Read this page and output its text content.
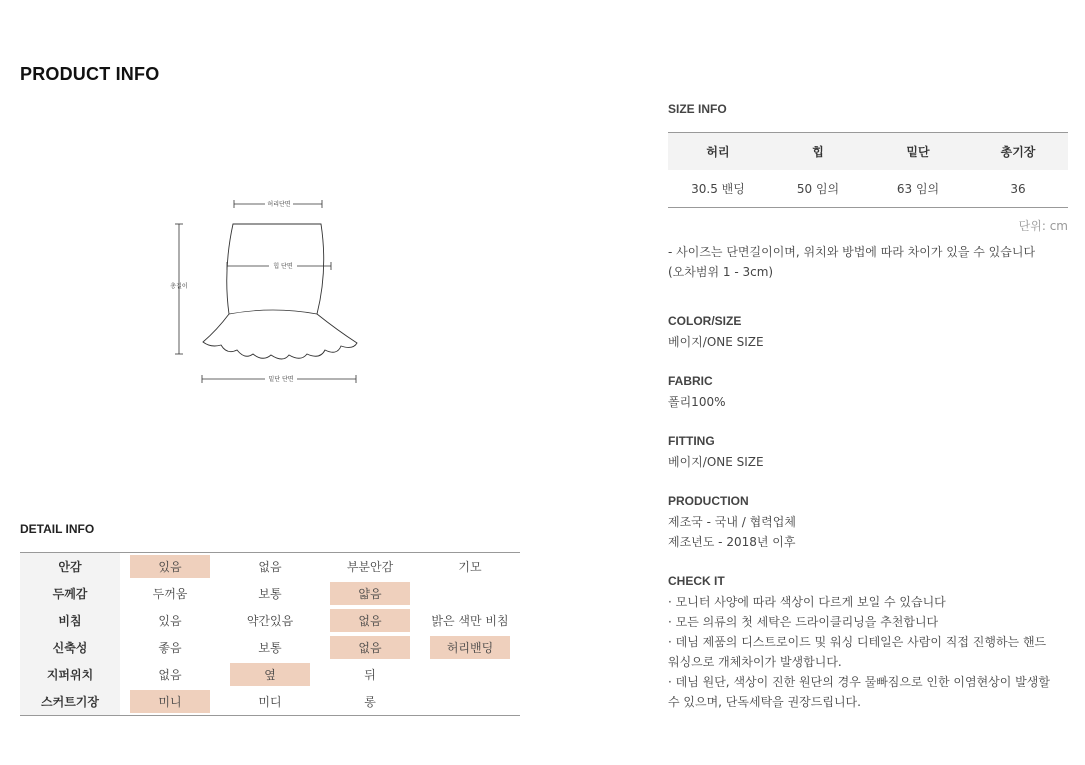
PRODUCT INFO
허리단면
힙 단면
총길이
밑단 단면
DETAIL INFO
안감	있음	없음	부분안감	기모
두께감	두꺼움	보통	얇음
비침	있음	약간있음	없음	밝은 색만 비침
신축성	좋음	보통	없음	허리밴딩
지퍼위치	없음	옆	뒤
스커트기장	미니	미디	롱
SIZE INFO
허리	힙	밑단	총기장
30.5 밴딩	50 임의	63 임의	36
단위: cm
- 사이즈는 단면길이이며, 위치와 방법에 따라 차이가 있을 수 있습니다
(오차범위 1 - 3cm)
COLOR/SIZE
베이지/ONE SIZE
FABRIC
폴리100%
FITTING
베이지/ONE SIZE
PRODUCTION
제조국 - 국내 / 협력업체
제조년도 - 2018년 이후
CHECK IT
· 모니터 사양에 따라 색상이 다르게 보일 수 있습니다
· 모든 의류의 첫 세탁은 드라이클리닝을 추천합니다
· 데님 제품의 디스트로이드 및 워싱 디테일은 사람이 직접 진행하는 핸드
워싱으로 개체차이가 발생합니다.
· 데님 원단, 색상이 진한 원단의 경우 물빠짐으로 인한 이염현상이 발생할
수 있으며, 단독세탁을 권장드립니다.
